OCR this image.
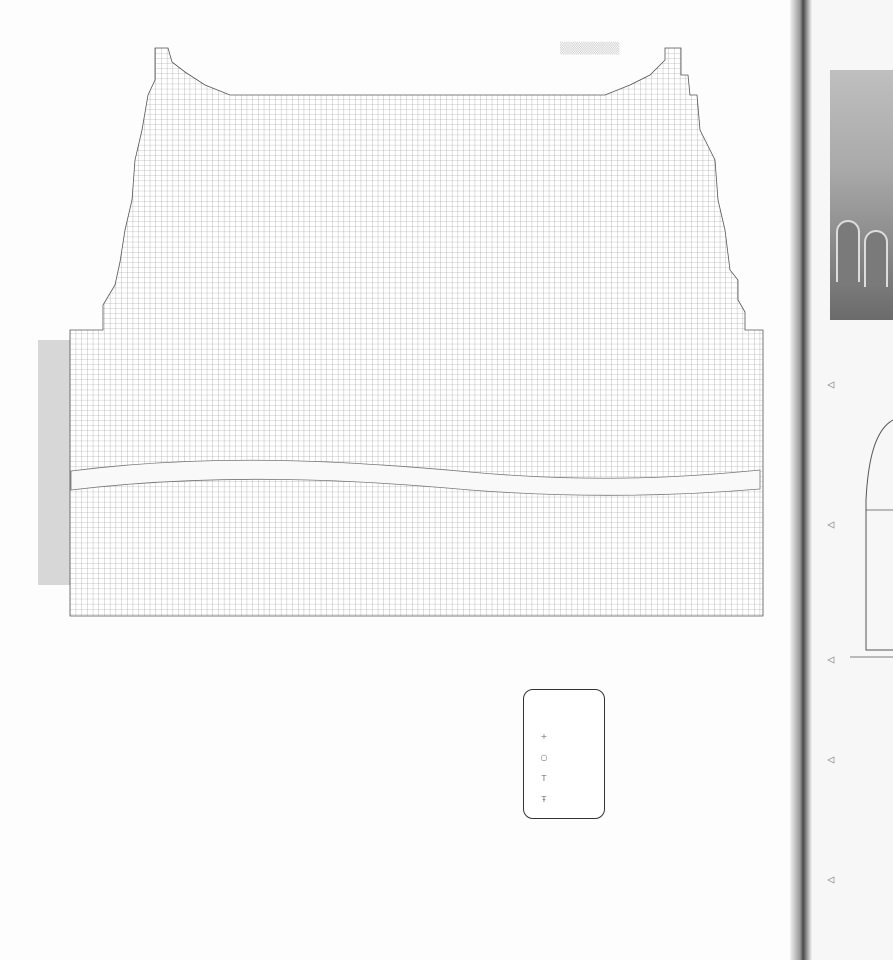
▒▒▒▒▒▒▒
+
○
T
Ŧ
